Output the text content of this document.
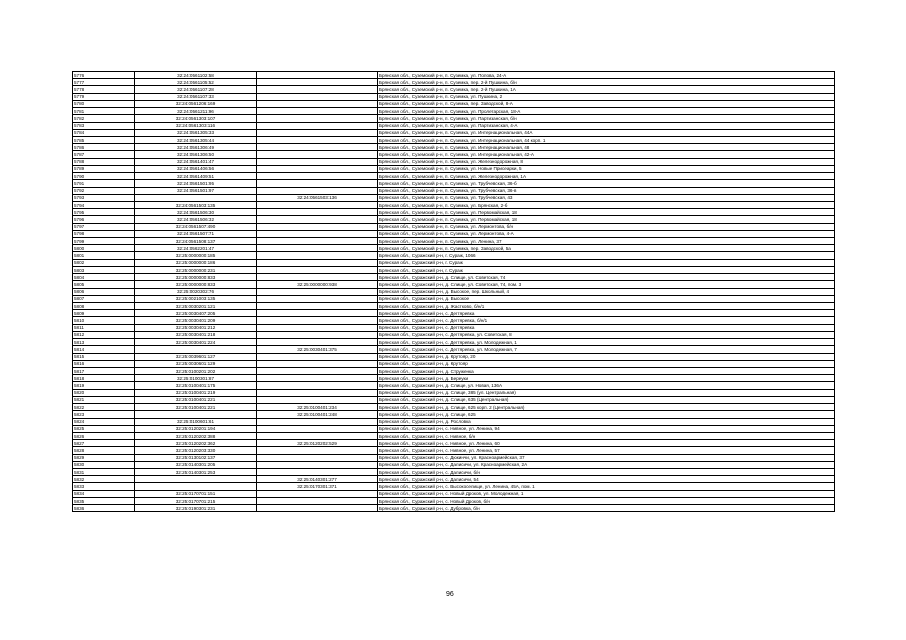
5776	32:24:0561102:58		Брянская обл., Суземский р-н, п. Суземка, ул. Попова, 24-А
5777	32:24:0561105:52		Брянская обл., Суземский р-н, п. Суземка, пер. 2-й Пушкина, б/н
5778	32:24:0561107:28		Брянская обл., Суземский р-н, п. Суземка, пер. 2-й Пушкина, 1А
5779	32:24:0561107:33		Брянская обл., Суземский р-н, п. Суземка, ул. Пушкина, 2
5780	32:24:0561206:169		Брянская обл., Суземский р-н, п. Суземка, пер. Заводской, 8-А
5781	32:24:0561211:96		Брянская обл., Суземский р-н, п. Суземка, ул. Пролетарская, 18-А
5782	32:24:0561303:107		Брянская обл., Суземский р-н, п. Суземка, ул. Партизанская, б/н
5783	32:24:0561303:116		Брянская обл., Суземский р-н, п. Суземка, ул. Партизанская, 4-А
5784	32:24:0561305:33		Брянская обл., Суземский р-н, п. Суземка, ул. Интернациональная, 44А
5785	32:24:0561305:44		Брянская обл., Суземский р-н, п. Суземка, ул. Интернациональная, 44 корп. 1
5786	32:24:0561306:49		Брянская обл., Суземский р-н, п. Суземка, ул. Интернациональная, 48
5787	32:24:0561306:50		Брянская обл., Суземский р-н, п. Суземка, ул. Интернациональная, 42-А
5788	32:24:0561401:47		Брянская обл., Суземский р-н, п. Суземка, ул. Железнодорожная, 8
5789	32:24:0561406:56		Брянская обл., Суземский р-н, п. Суземка, ул. Новые Присеарки, 5
5790	32:24:0561409:51		Брянская обл., Суземский р-н, п. Суземка, ул. Железнодорожная, 1А
5791	32:24:0561501:95		Брянская обл., Суземский р-н, п. Суземка, ул. Трубчевская, 36-б
5792	32:24:0561501:97		Брянская обл., Суземский р-н, п. Суземка, ул. Трубчевская, 36-в
5793		32:24:0561503:136	Брянская обл., Суземский р-н, п. Суземка, ул. Трубчевская, 43
5794	32:24:0561503:135		Брянская обл., Суземский р-н, п. Суземка, ул. Брянская, 2-б
5795	32:24:0561506:30		Брянская обл., Суземский р-н, п. Суземка, ул. Первомайская, 18
5796	32:24:0561506:32		Брянская обл., Суземский р-н, п. Суземка, ул. Первомайская, 18
5797	32:24:0561507:490		Брянская обл., Суземский р-н, п. Суземка, ул. Лермонтова, б/н
5798	32:24:0561507:71		Брянская обл., Суземский р-н, п. Суземка, ул. Лермонтова, 4-А
5799	32:24:0561508:137		Брянская обл., Суземский р-н, п. Суземка, ул. Ленина, 37
5800	32:24:0562201:47		Брянская обл., Суземский р-н, п. Суземка, пер. Заводской, 5а
5801	32:25:0000000:185		Брянская обл., Суражский р-н, г. Сураж, 1066
5802	32:25:0000000:186		Брянская обл., Суражский р-н, г. Сураж
5803	32:25:0000000:231		Брянская обл., Суражский р-н, г. Сураж
5804	32:25:0000000:833		Брянская обл., Суражский р-н, д. Слище, ул. Советская, 74
5805	32:25:0000000:833	32:25:0000000:938	Брянская обл., Суражский р-н, д. Слище, ул. Советская, 74, пом. 3
5806	32:25:0020302:76		Брянская обл., Суражский р-н, д. Высокое, пер. Школьный, 4
5807	32:25:0021003:135		Брянская обл., Суражский р-н, д. Высокое
5808	32:25:0030201:121		Брянская обл., Суражский р-н, д. Жастково, б/н/1
5809	32:25:0030407:205		Брянская обл., Суражский р-н, с. Дегтяревка
5810	32:25:0030401:209		Брянская обл., Суражский р-н, с. Дегтяревка, б/н/1
5811	32:25:0030401:212		Брянская обл., Суражский р-н, с. Дегтяревка
5812	32:25:0030401:218		Брянская обл., Суражский р-н, с. Дегтяревка, ул. Советская, 8
5813	32:25:0030401:224		Брянская обл., Суражский р-н, с. Дегтяревка, ул. Молодежная, 1
5814		32:25:0030401:375	Брянская обл., Суражский р-н, с. Дегтяревка, ул. Молодежная, 7
5815	32:25:0039601:127		Брянская обл., Суражский р-н, д. Крутояр, 20
5816	32:25:0030601:129		Брянская обл., Суражский р-н, д. Крутояр
5817	32:25:0100201:202		Брянская обл., Суражский р-н, д. Струженка
5818	32:25:0100301:87		Брянская обл., Суражский р-н, д. Береуки
5819	32:25:0100401:175		Брянская обл., Суражский р-н, д. Слище, ул. Новая, 136А
5820	32:25:0100401:219		Брянская обл., Суражский р-н, д. Слище, 385 (ул. Центральная)
5821	32:25:0100401:221		Брянская обл., Суражский р-н, д. Слище, 635 (Центральная)
5822	32:25:0100401:221	32:25:0100401:234	Брянская обл., Суражский р-н, д. Слище, 625 корп. 2 (Центральная)
5823		32:25:0100401:248	Брянская обл., Суражский р-н, д. Слище, 625
5824	32:25:0100601:61		Брянская обл., Суражский р-н, д. Рословка
5825	32:25:0120201:194		Брянская обл., Суражский р-н, с. Нивное, ул. Ленина, 94
5826	32:25:0120202:388		Брянская обл., Суражский р-н, с. Нивное, б/н
5827	32:25:0120202:362	32:25:0120202:529	Брянская обл., Суражский р-н, с. Нивное, ул. Ленина, 60
5828	32:25:0120203:330		Брянская обл., Суражский р-н, с. Нивное, ул. Ленина, 57
5829	32:25:0130102:137		Брянская обл., Суражский р-н, с. Дюкинчи, ул. Красноармейская, 37
5830	32:25:0140301:205		Брянская обл., Суражский р-н, с. Далисичи, ул. Красноармейская, 2А
5831	32:25:0140301:253		Брянская обл., Суражский р-н, с. Далисичи, б/н
5832		32:25:0140301:277	Брянская обл., Суражский р-н, с. Далисичи, 54
5833		32:25:0170301:371	Брянская обл., Суражский р-н, с. Высокоселище, ул. Ленина, 45А, пом. 1
5834	32:25:0170701:151		Брянская обл., Суражский р-н, с. Новый Дроков, ул. Молодежная, 1
5835	32:25:0170701:215		Брянская обл., Суражский р-н, с. Новый Дроков, б/н
5836	32:25:0190301:231		Брянская обл., Суражский р-н, с. Дубровка, б/н
96
